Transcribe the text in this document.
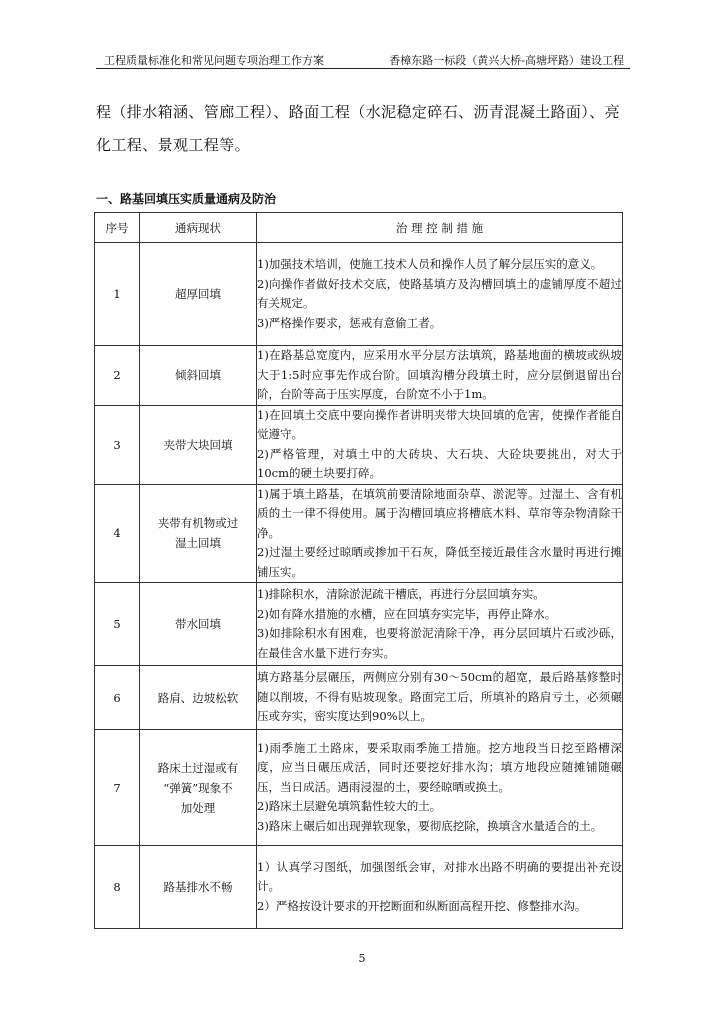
工程质量标准化和常见问题专项治理工作方案	香樟东路一标段（黄兴大桥-高塘坪路）建设工程
程（排水箱涵、管廊工程）、路面工程（水泥稳定碎石、沥青混凝土路面）、亮
化工程、景观工程等。
一、路基回填压实质量通病及防治
序号	通病现状	治 理 控 制 措 施
1	超厚回填	1)加强技术培训，使施工技术人员和操作人员了解分层压实的意义。
2)向操作者做好技术交底，使路基填方及沟槽回填土的虚铺厚度不超过有关规定。
3)严格操作要求，惩戒有意偷工者。

2	倾斜回填	1)在路基总宽度内，应采用水平分层方法填筑，路基地面的横坡或纵坡大于1:5时应事先作成台阶。回填沟槽分段填土时，应分层倒退留出台阶，台阶等高于压实厚度，台阶宽不小于1m。

3	夹带大块回填	1)在回填土交底中要向操作者讲明夹带大块回填的危害，使操作者能自觉遵守。
2)严格管理，对填土中的大砖块、大石块、大砼块要挑出，对大于10cm的硬土块要打碎。

4	夹带有机物或过
湿土回填	1)属于填土路基，在填筑前要清除地面杂草、淤泥等。过湿土、含有机质的土一律不得使用。属于沟槽回填应将槽底木料、草帘等杂物清除干净。
2)过湿土要经过晾晒或掺加干石灰，降低至接近最佳含水量时再进行摊铺压实。

5	带水回填	1)排除积水，清除淤泥疏干槽底，再进行分层回填夯实。
2)如有降水措施的水槽，应在回填夯实完毕，再停止降水。
3)如排除积水有困难，也要将淤泥清除干净，再分层回填片石或沙砾，在最佳含水量下进行夯实。

6	路肩、边坡松软	填方路基分层碾压，两侧应分别有30～50cm的超宽，最后路基修整时随以削坡，不得有贴坡现象。路面完工后，所填补的路肩亏土，必须碾压或夯实，密实度达到90%以上。

7	路床土过湿或有
“弹簧”现象不
加处理	1)雨季施工土路床，要采取雨季施工措施。挖方地段当日挖至路槽深度，应当日碾压成活，同时还要挖好排水沟；填方地段应随摊铺随碾压，当日成活。遇雨浸湿的土，要经晾晒或换土。
2)路床土层避免填筑黏性较大的土。
3)路床上碾后如出现弹软现象，要彻底挖除，换填含水量适合的土。

8	路基排水不畅	1）认真学习图纸，加强图纸会审，对排水出路不明确的要提出补充设计。
2）严格按设计要求的开挖断面和纵断面高程开挖、修整排水沟。
5
